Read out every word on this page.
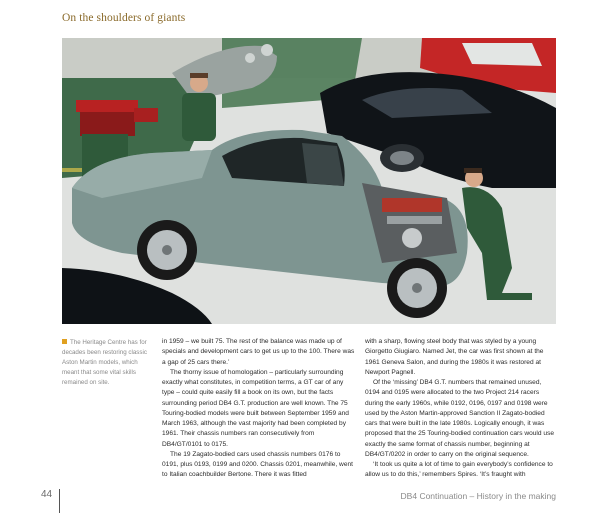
On the shoulders of giants
The Heritage Centre has for decades been restoring classic Aston Martin models, which meant that some vital skills remained on site.

in 1959 – we built 75. The rest of the balance was made up of specials and development cars to get us up to the 100. There was a gap of 25 cars there.’

The thorny issue of homologation – particularly surrounding exactly what constitutes, in competition terms, a GT car of any type – could quite easily fill a book on its own, but the facts surrounding period DB4 G.T. production are well known. The 75 Touring-bodied models were built between September 1959 and March 1963, although the vast majority had been completed by 1961. Their chassis numbers ran consecutively from DB4/GT/0101 to 0175.

The 19 Zagato-bodied cars used chassis numbers 0176 to 0191, plus 0193, 0199 and 0200. Chassis 0201, meanwhile, went to Italian coachbuilder Bertone. There it was fitted

with a sharp, flowing steel body that was styled by a young Giorgetto Giugiaro. Named Jet, the car was first shown at the 1961 Geneva Salon, and during the 1980s it was restored at Newport Pagnell.

Of the ‘missing’ DB4 G.T. numbers that remained unused, 0194 and 0195 were allocated to the two Project 214 racers during the early 1960s, while 0192, 0196, 0197 and 0198 were used by the Aston Martin-approved Sanction II Zagato-bodied cars that were built in the late 1980s. Logically enough, it was proposed that the 25 Touring-bodied continuation cars would use exactly the same format of chassis number, beginning at DB4/GT/0202 in order to carry on the original sequence.

‘It took us quite a lot of time to gain everybody’s confidence to allow us to do this,’ remembers Spires. ‘It’s fraught with

44	DB4 Continuation – History in the making
